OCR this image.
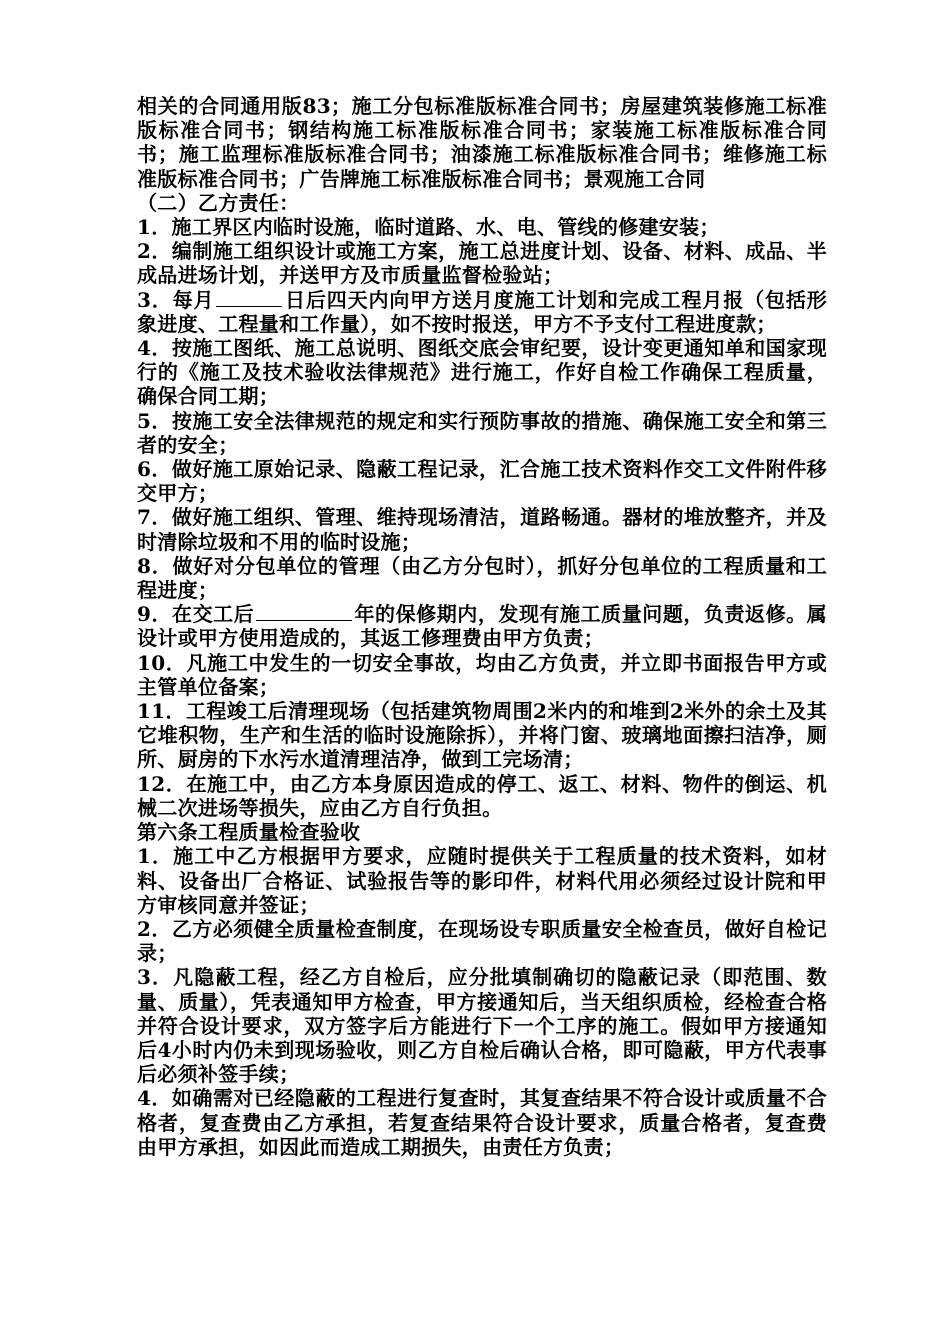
相关的合同通用版83；施工分包标准版标准合同书；房屋建筑装修施工标准版标准合同书；钢结构施工标准版标准合同书；家装施工标准版标准合同书；施工监理标准版标准合同书；油漆施工标准版标准合同书；维修施工标准版标准合同书；广告牌施工标准版标准合同书；景观施工合同

（二）乙方责任：

1．施工界区内临时设施，临时道路、水、电、管线的修建安装；

2．编制施工组织设计或施工方案，施工总进度计划、设备、材料、成品、半成品进场计划，并送甲方及市质量监督检验站；

3．每月	日后四天内向甲方送月度施工计划和完成工程月报（包括形象进度、工程量和工作量），如不按时报送，甲方不予支付工程进度款；

4．按施工图纸、施工总说明、图纸交底会审纪要，设计变更通知单和国家现行的《施工及技术验收法律规范》进行施工，作好自检工作确保工程质量，确保合同工期；

5．按施工安全法律规范的规定和实行预防事故的措施、确保施工安全和第三者的安全；

6．做好施工原始记录、隐蔽工程记录，汇合施工技术资料作交工文件附件移交甲方；

7．做好施工组织、管理、维持现场清洁，道路畅通。器材的堆放整齐，并及时清除垃圾和不用的临时设施；

8．做好对分包单位的管理（由乙方分包时），抓好分包单位的工程质量和工程进度；

9．在交工后	年的保修期内，发现有施工质量问题，负责返修。属设计或甲方使用造成的，其返工修理费由甲方负责；

10．凡施工中发生的一切安全事故，均由乙方负责，并立即书面报告甲方或主管单位备案；

11．工程竣工后清理现场（包括建筑物周围2米内的和堆到2米外的余土及其它堆积物，生产和生活的临时设施除拆），并将门窗、玻璃地面擦扫洁净，厕所、厨房的下水污水道清理洁净，做到工完场清；

12．在施工中，由乙方本身原因造成的停工、返工、材料、物件的倒运、机械二次进场等损失，应由乙方自行负担。

第六条工程质量检查验收

1．施工中乙方根据甲方要求，应随时提供关于工程质量的技术资料，如材料、设备出厂合格证、试验报告等的影印件，材料代用必须经过设计院和甲方审核同意并签证；

2．乙方必须健全质量检查制度，在现场设专职质量安全检查员，做好自检记录；

3．凡隐蔽工程，经乙方自检后，应分批填制确切的隐蔽记录（即范围、数量、质量），凭表通知甲方检查，甲方接通知后，当天组织质检，经检查合格并符合设计要求，双方签字后方能进行下一个工序的施工。假如甲方接通知后4小时内仍未到现场验收，则乙方自检后确认合格，即可隐蔽，甲方代表事后必须补签手续；

4．如确需对已经隐蔽的工程进行复查时，其复查结果不符合设计或质量不合格者，复查费由乙方承担，若复查结果符合设计要求，质量合格者，复查费由甲方承担，如因此而造成工期损失，由责任方负责；
